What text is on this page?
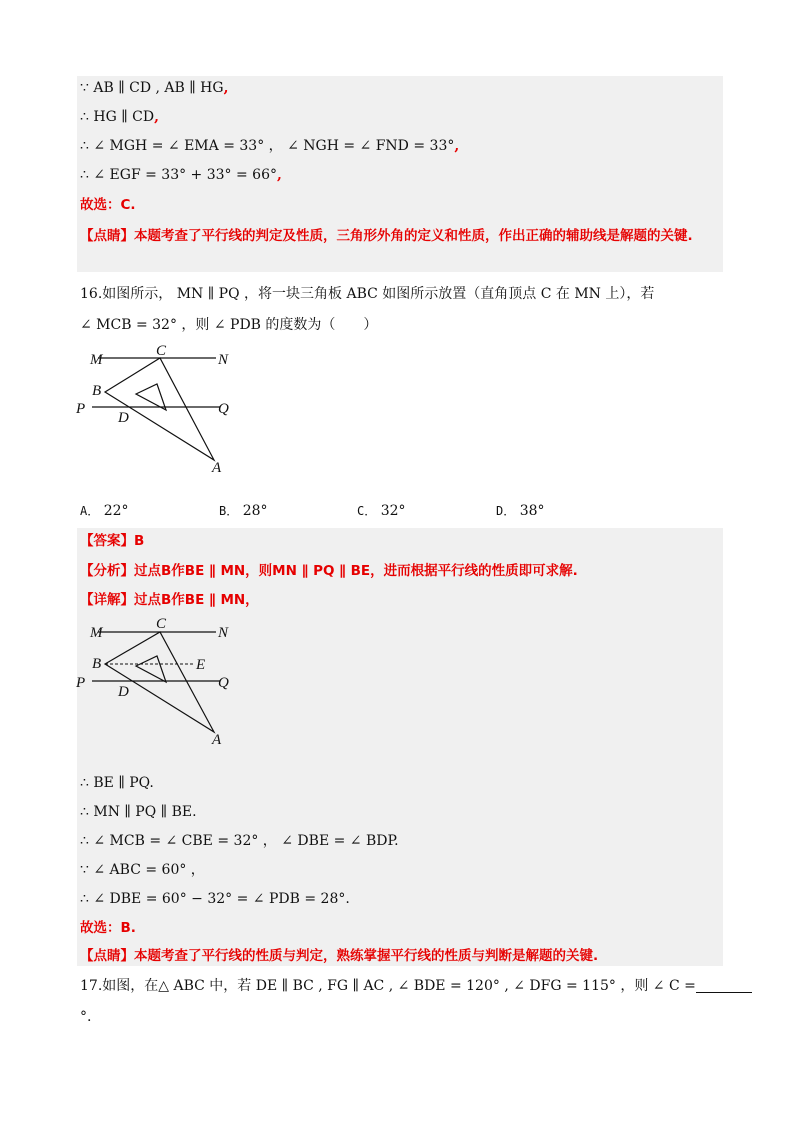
∵ AB ∥ CD , AB ∥ HG,
∴ HG ∥ CD,
∴ ∠ MGH = ∠ EMA = 33° ， ∠ NGH = ∠ FND = 33°,
∴ ∠ EGF = 33° + 33° = 66°,
故选：C.
【点睛】本题考查了平行线的判定及性质，三角形外角的定义和性质，作出正确的辅助线是解题的关键.
16.如图所示， MN ∥ PQ ，将一块三角板 ABC 如图所示放置（直角顶点 C 在 MN 上），若
∠ MCB = 32° ，则 ∠ PDB 的度数为（　　）
M
C
N
B
P
D
Q
A
A． 22°	B． 28°	C． 32°	D． 38°
【答案】B
【分析】过点B作BE ∥ MN，则MN ∥ PQ ∥ BE，进而根据平行线的性质即可求解.
【详解】过点B作BE ∥ MN，
M
C
N
B	E
P
D
Q
A
∴ BE ∥ PQ.
∴ MN ∥ PQ ∥ BE.
∴ ∠ MCB = ∠ CBE = 32° ， ∠ DBE = ∠ BDP.
∵ ∠ ABC = 60° ，
∴ ∠ DBE = 60° − 32° = ∠ PDB = 28°.
故选：B.
【点睛】本题考查了平行线的性质与判定，熟练掌握平行线的性质与判断是解题的关键.
17.如图，在△ ABC 中，若 DE ∥ BC , FG ∥ AC , ∠ BDE = 120° , ∠ DFG = 115° ，则 ∠ C =
°.
